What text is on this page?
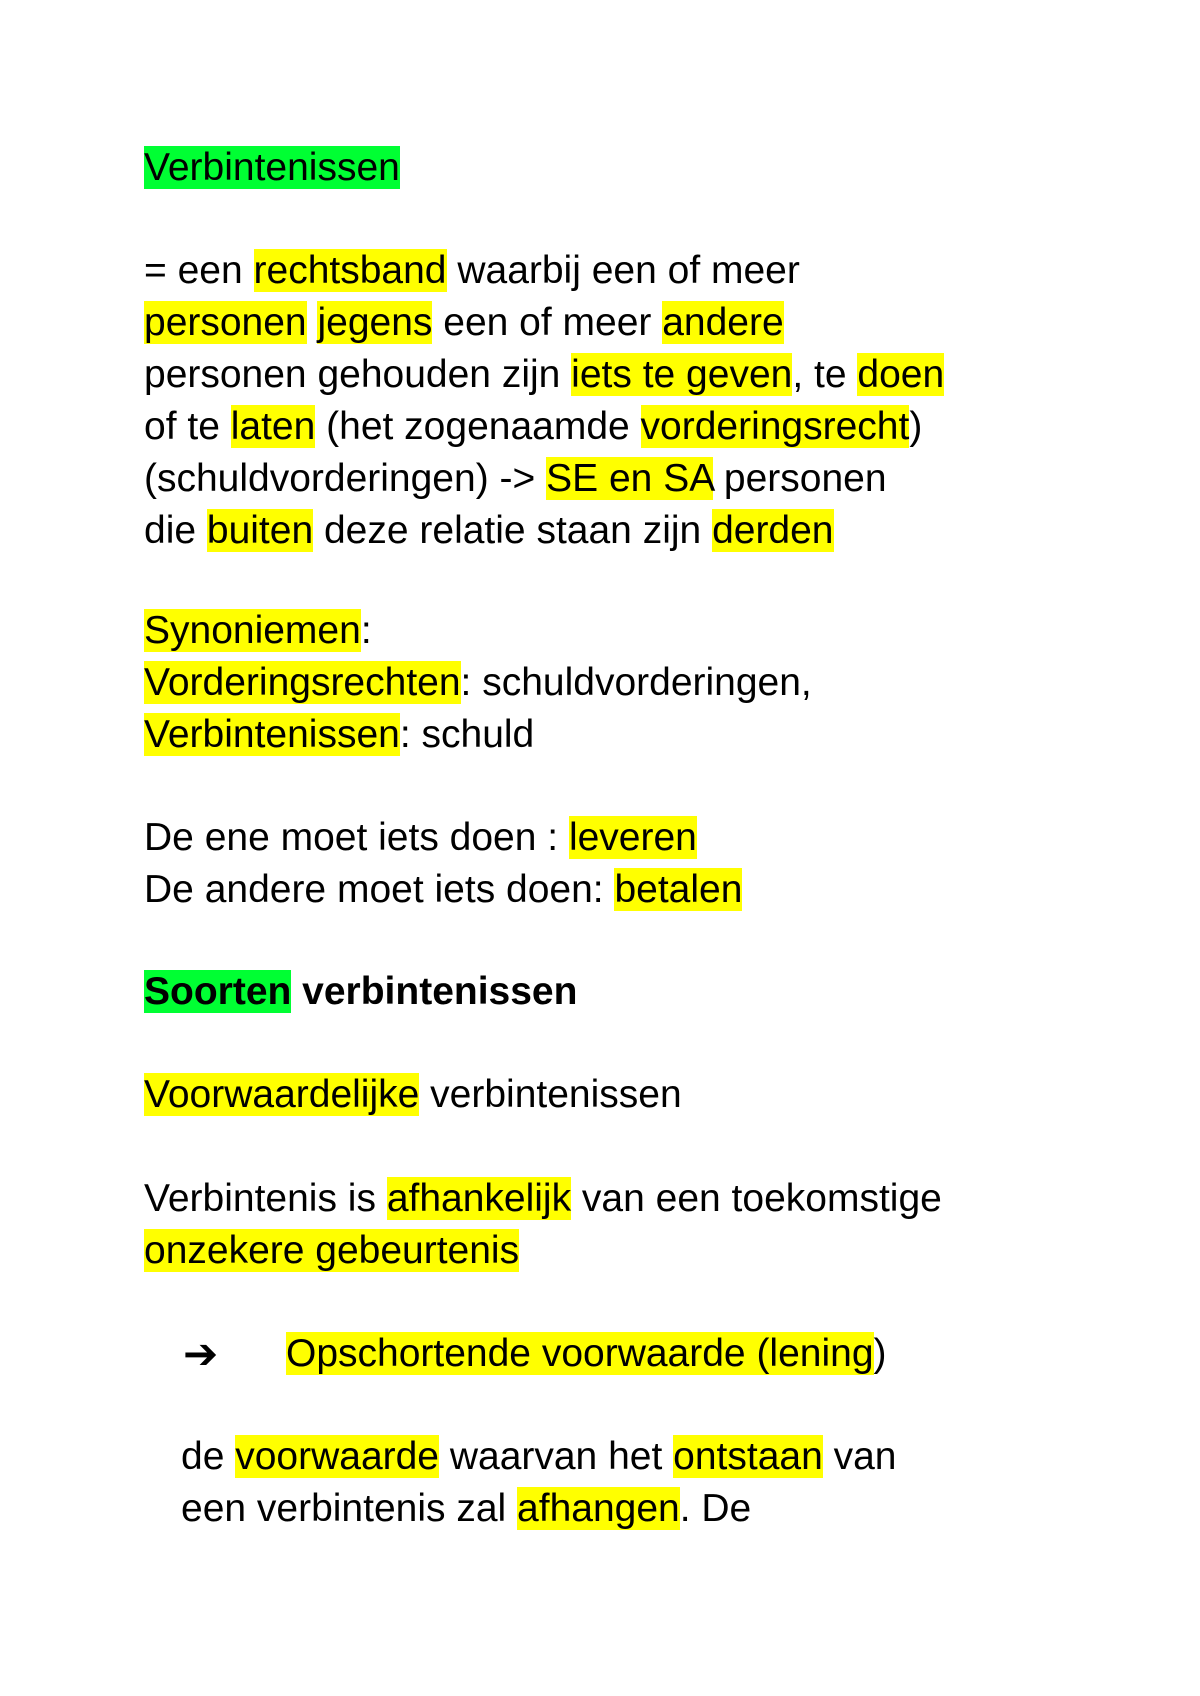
Verbintenissen
= een rechtsband waarbij een of meer
personen jegens een of meer andere
personen gehouden zijn iets te geven, te doen
of te laten (het zogenaamde vorderingsrecht)
(schuldvorderingen) -> SE en SA personen
die buiten deze relatie staan zijn derden
Synoniemen:
Vorderingsrechten: schuldvorderingen,
Verbintenissen: schuld
De ene moet iets doen : leveren
De andere moet iets doen: betalen
Soorten verbintenissen
Voorwaardelijke verbintenissen
Verbintenis is afhankelijk van een toekomstige
onzekere gebeurtenis
➔ Opschortende voorwaarde (lening)
de voorwaarde waarvan het ontstaan van
een verbintenis zal afhangen. De
